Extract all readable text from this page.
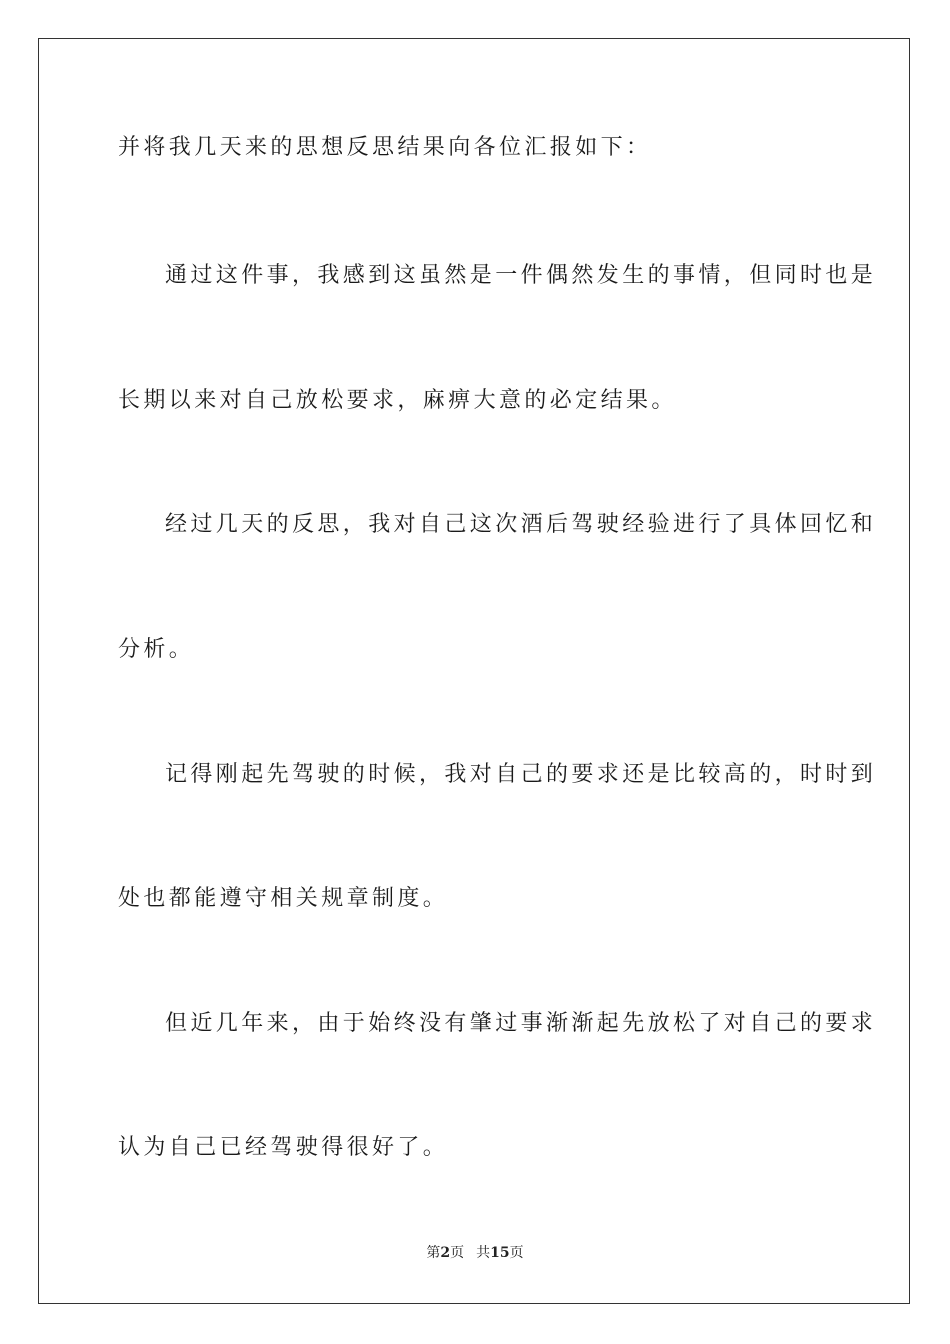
并将我几天来的思想反思结果向各位汇报如下：
通过这件事，我感到这虽然是一件偶然发生的事情，但同时也是
长期以来对自己放松要求，麻痹大意的必定结果。
经过几天的反思，我对自己这次酒后驾驶经验进行了具体回忆和
分析。
记得刚起先驾驶的时候，我对自己的要求还是比较高的，时时到
处也都能遵守相关规章制度。
但近几年来，由于始终没有肇过事渐渐起先放松了对自己的要求
认为自己已经驾驶得很好了。
第2页 共15页
